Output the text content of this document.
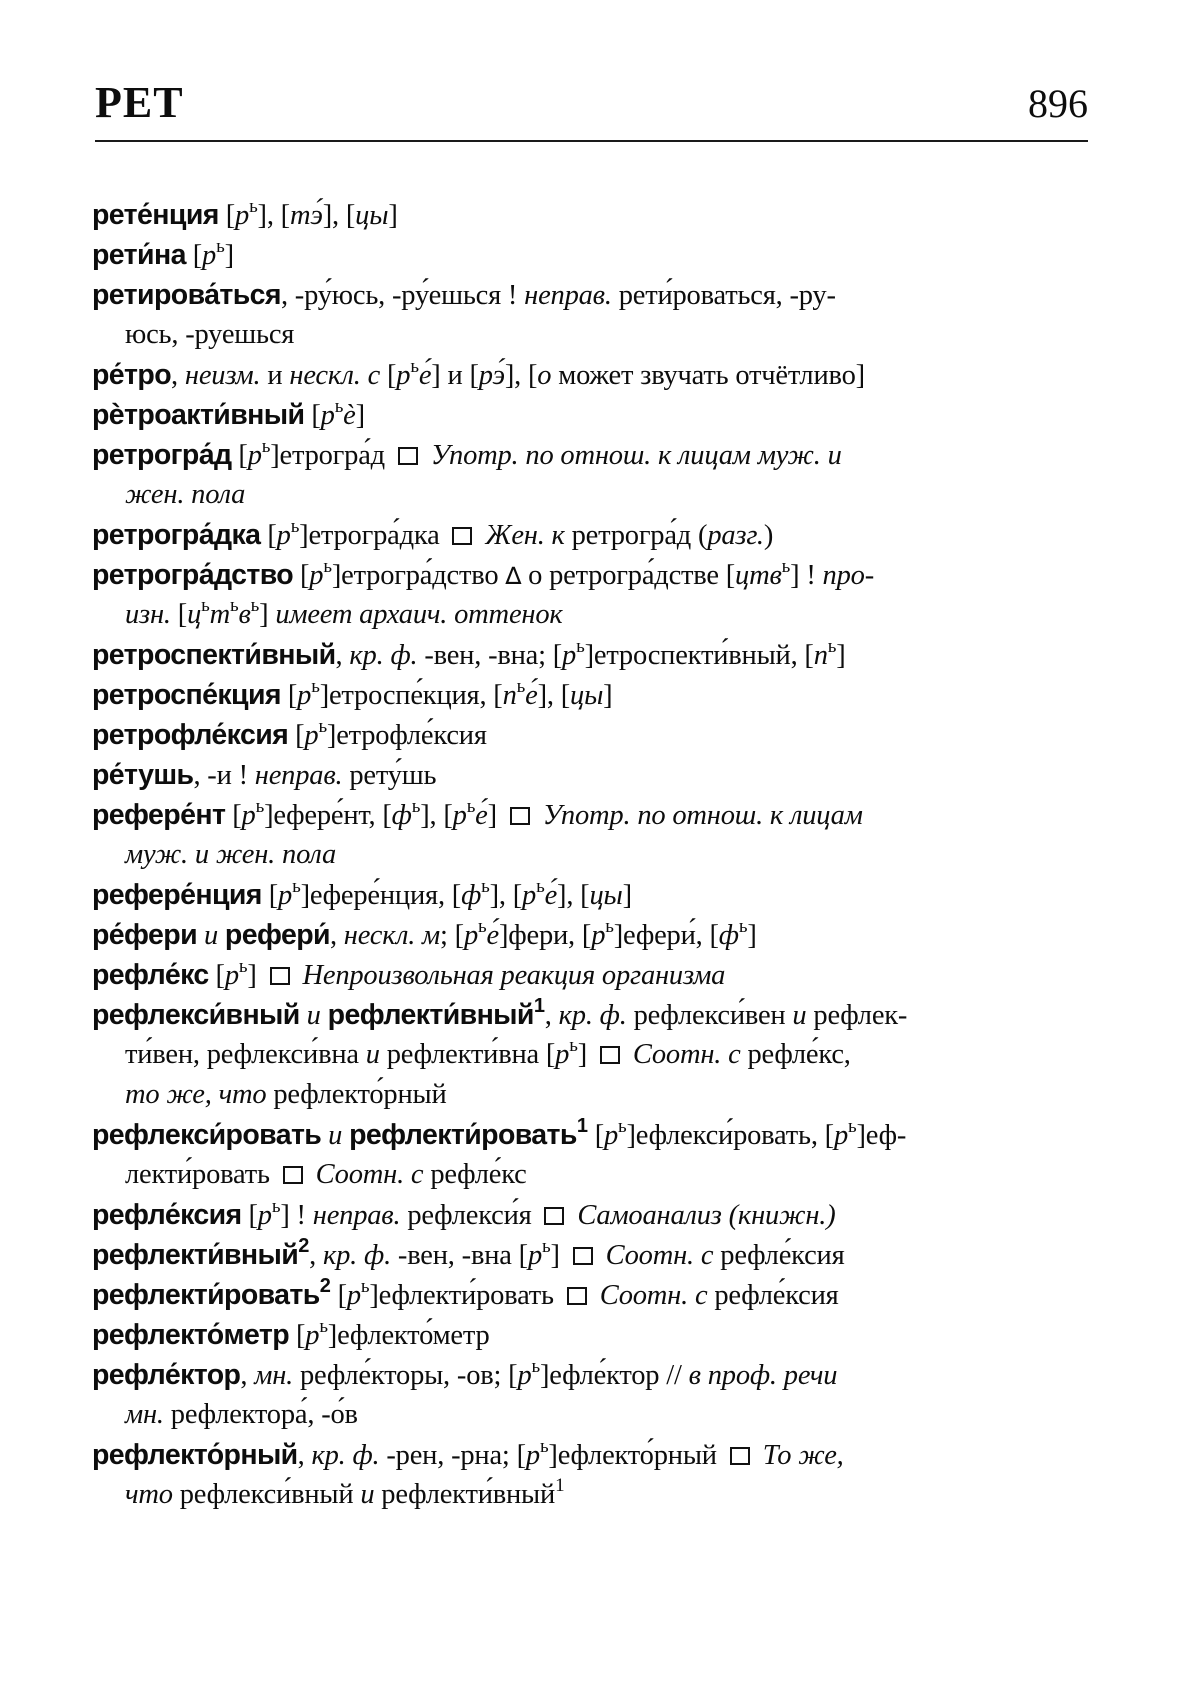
РЕТ	896
рете́нция $[р^ь]$, [тэ́], [цы]
рети́на $[р^ь]$
ретирова́ться, -ру́юсь, -ру́ешься ! неправ. рети́роваться, -ру-
юсь, -руешься
ре́тро, неизм. и нескл. с $[р^ье́]$ и [рэ́], [о может звучать отчётливо]
рѐтроакти́вный $[р^ьѐ]$
ретрогра́д $[р^ь]етрогра́д$  Употр. по отнош. к лицам муж. и
жен. пола
ретрогра́дка $[р^ь]етрогра́дка$  Жен. к ретрогра́д (разг.)
ретрогра́дство $[р^ь]етрогра́дство$ ∆ о ретрогра́дстве [цтв$^ь$] ! про-
изн. $[ц^ьт^ьв^ь]$ имеет архаич. оттенок
ретроспекти́вный, кр. ф. -вен, -вна; $[р^ь]етроспекти́вный$, $[п^ь]$
ретроспе́кция $[р^ь]етроспе́кция$, $[п^ье́]$, [цы]
ретрофле́ксия $[р^ь]етрофле́ксия$
ре́тушь, -и ! неправ. рету́шь
рефере́нт $[р^ь]ефере́нт$, $[ф^ь]$, $[р^ье́]$  Употр. по отнош. к лицам
муж. и жен. пола
рефере́нция $[р^ь]ефере́нция$, $[ф^ь]$, $[р^ье́]$, [цы]
ре́фери и рефери́, нескл. м; $[р^ье́]фери$, $[р^ь]ефери́$, $[ф^ь]$
рефле́кс $[р^ь]$  Непроизвольная реакция организма
рефлекси́вный и рефлекти́вный$^1$, кр. ф. рефлекси́вен и рефлек-
ти́вен, рефлекси́вна и рефлекти́вна $[р^ь]$  Соотн. с рефле́кс,
то же, что рефлекто́рный
рефлекси́ровать и рефлекти́ровать$^1$ $[р^ь]ефлекси́ровать$, $[р^ь]еф-$
лекти́ровать  Соотн. с рефле́кс
рефле́ксия $[р^ь]$ ! неправ. рефлекси́я  Самоанализ (книжн.)
рефлекти́вный$^2$, кр. ф. -вен, -вна $[р^ь]$  Соотн. с рефле́ксия
рефлекти́ровать$^2$ $[р^ь]ефлекти́ровать$  Соотн. с рефле́ксия
рефлекто́метр $[р^ь]ефлекто́метр$
рефле́ктор, мн. рефле́кторы, -ов; $[р^ь]ефле́ктор$ // в проф. речи
мн. рефлектора́, -о́в
рефлекто́рный, кр. ф. -рен, -рна; $[р^ь]ефлекто́рный$  То же,
что рефлекси́вный и рефлекти́вный$^1$
